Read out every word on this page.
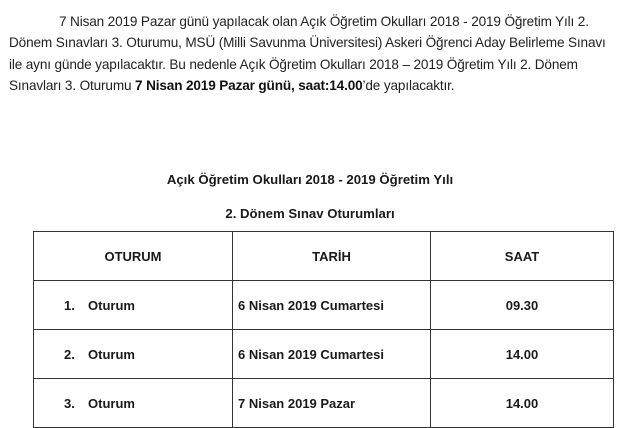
7 Nisan 2019 Pazar günü yapılacak olan Açık Öğretim Okulları 2018 - 2019 Öğretim Yılı 2. Dönem Sınavları 3. Oturumu, MSÜ (Milli Savunma Üniversitesi) Askeri Öğrenci Aday Belirleme Sınavı ile aynı günde yapılacaktır. Bu nedenle Açık Öğretim Okulları 2018 – 2019 Öğretim Yılı 2. Dönem Sınavları 3. Oturumu 7 Nisan 2019 Pazar günü, saat:14.00’de yapılacaktır.
Açık Öğretim Okulları 2018 - 2019 Öğretim Yılı
2. Dönem Sınav Oturumları
OTURUM	TARİH	SAAT
1. Oturum	6 Nisan 2019 Cumartesi	09.30
2. Oturum	6 Nisan 2019 Cumartesi	14.00
3. Oturum	7 Nisan 2019 Pazar	14.00
